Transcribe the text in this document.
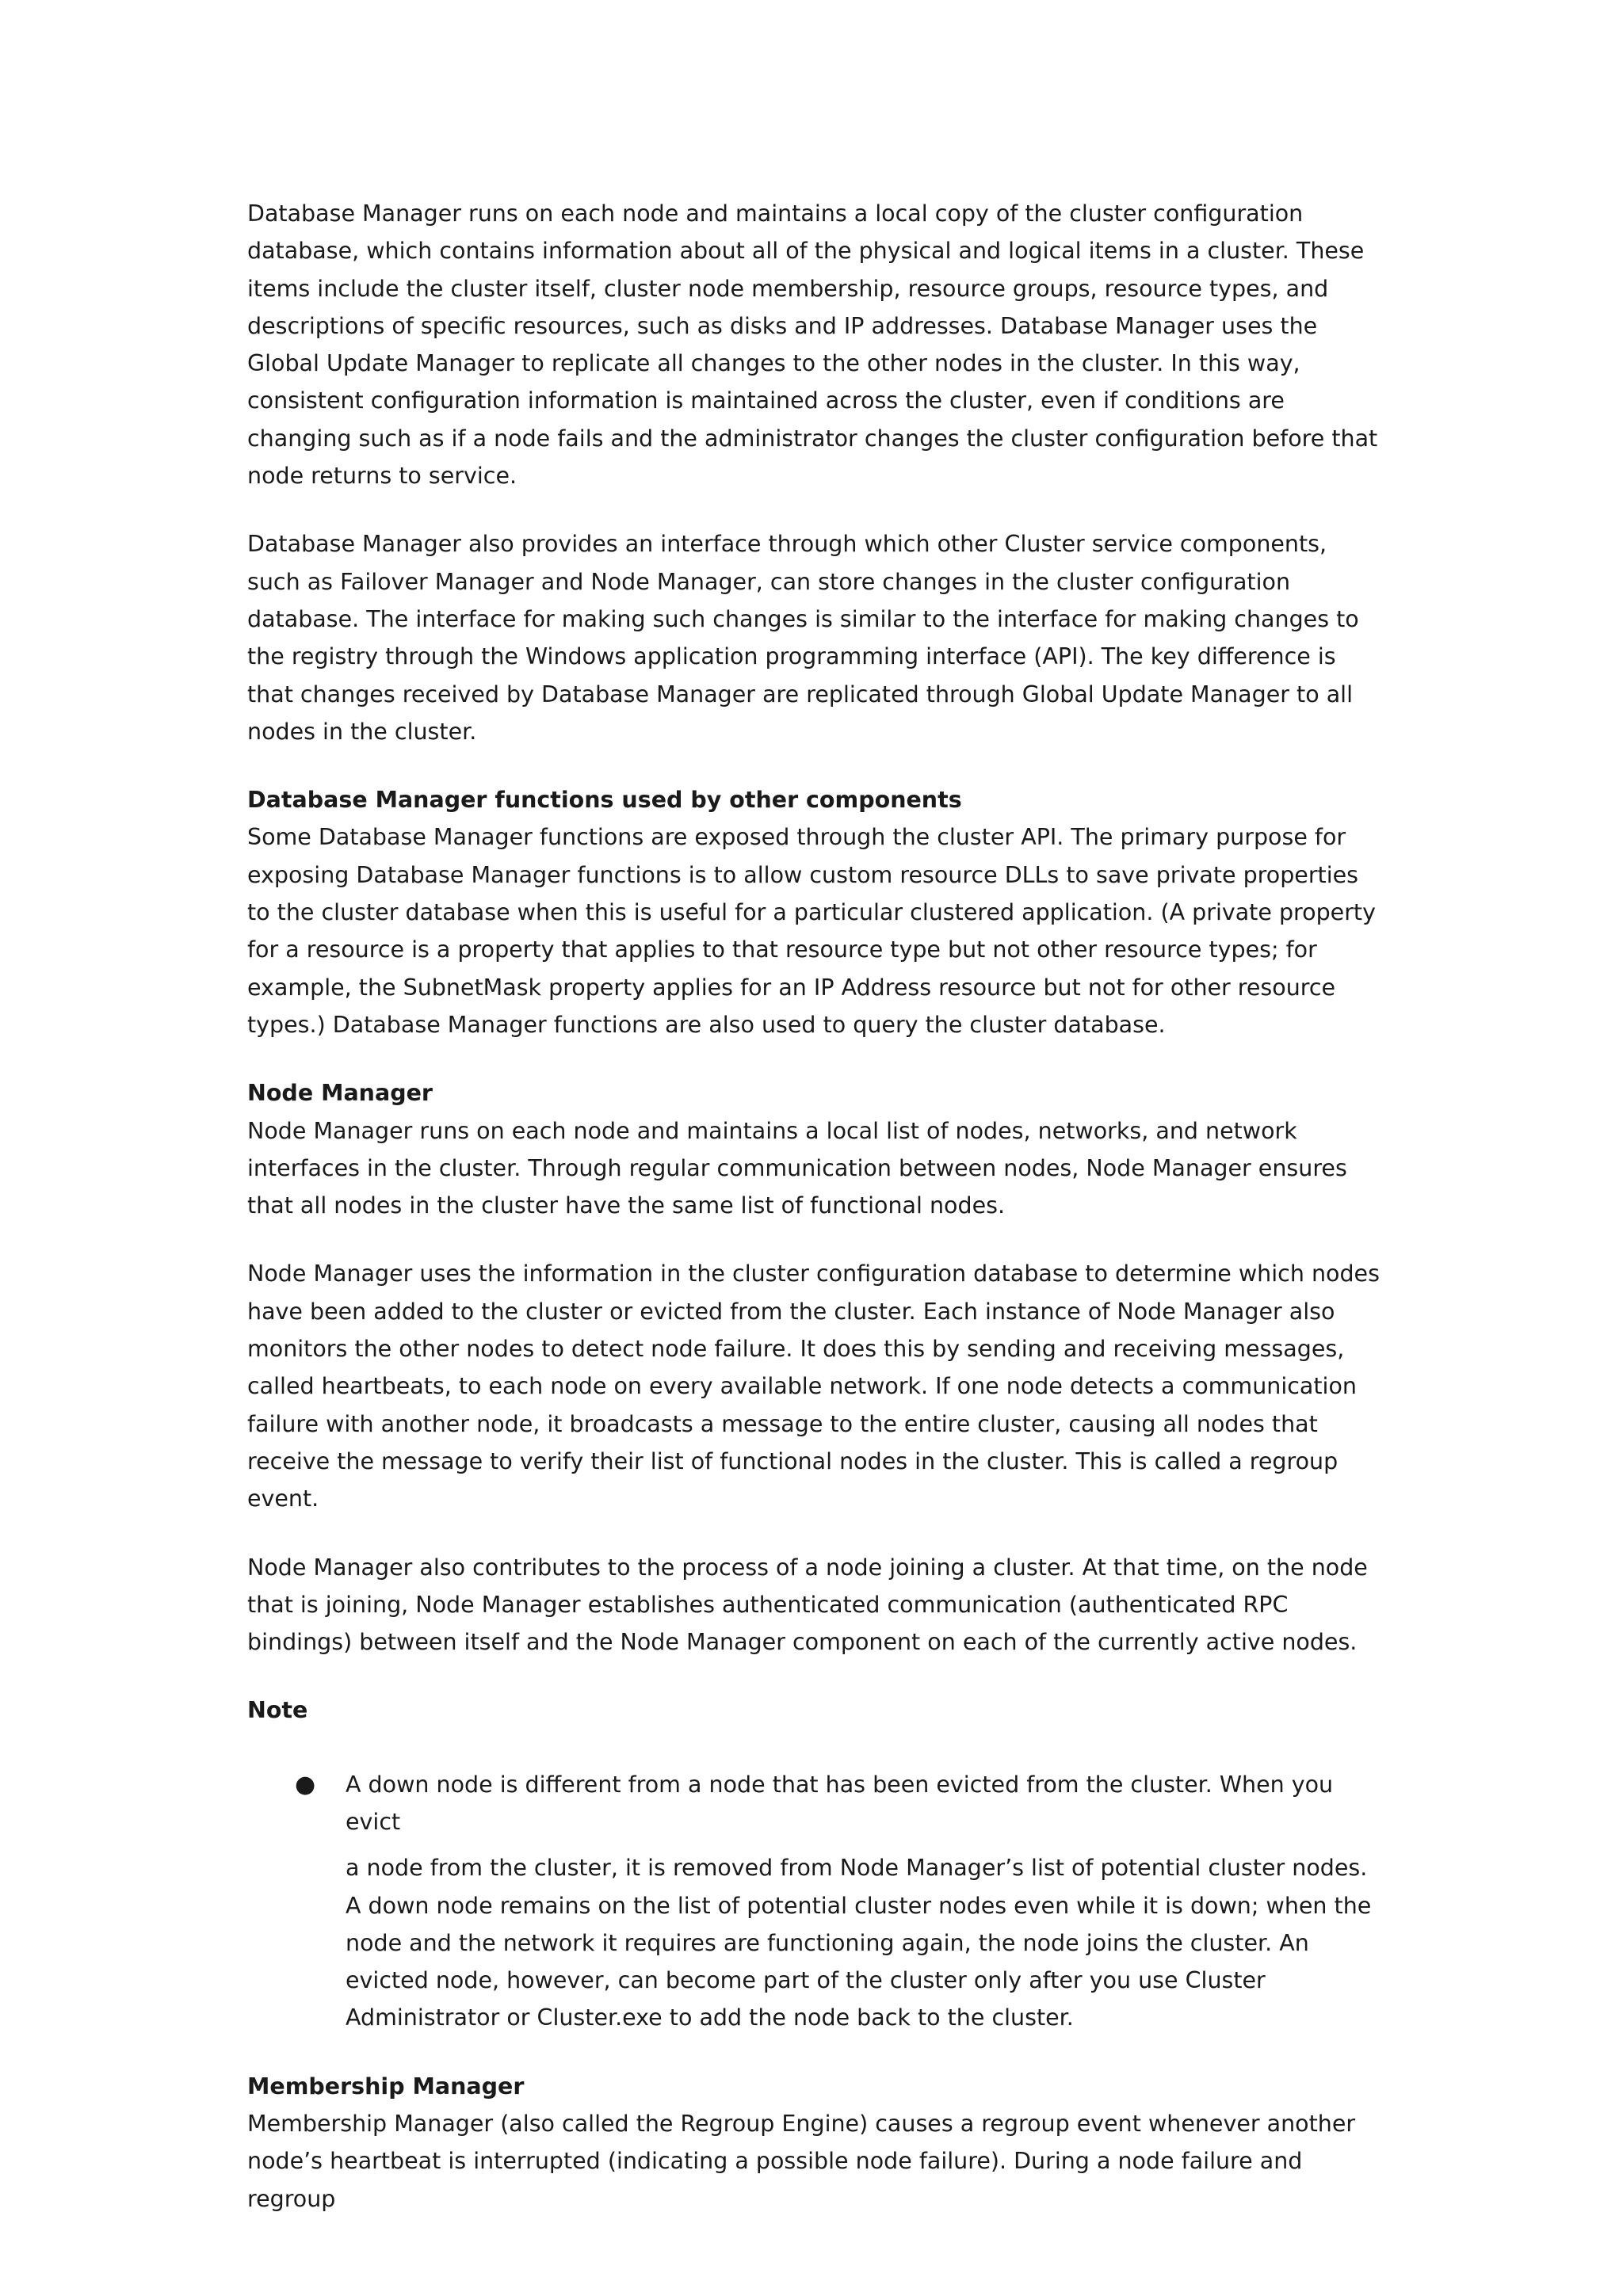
Database Manager runs on each node and maintains a local copy of the cluster configuration database, which contains information about all of the physical and logical items in a cluster. These items include the cluster itself, cluster node membership, resource groups, resource types, and descriptions of specific resources, such as disks and IP addresses. Database Manager uses the Global Update Manager to replicate all changes to the other nodes in the cluster. In this way, consistent configuration information is maintained across the cluster, even if conditions are changing such as if a node fails and the administrator changes the cluster configuration before that node returns to service.

Database Manager also provides an interface through which other Cluster service components, such as Failover Manager and Node Manager, can store changes in the cluster configuration database. The interface for making such changes is similar to the interface for making changes to the registry through the Windows application programming interface (API). The key difference is that changes received by Database Manager are replicated through Global Update Manager to all nodes in the cluster.

Database Manager functions used by other components
Some Database Manager functions are exposed through the cluster API. The primary purpose for exposing Database Manager functions is to allow custom resource DLLs to save private properties to the cluster database when this is useful for a particular clustered application. (A private property for a resource is a property that applies to that resource type but not other resource types; for example, the SubnetMask property applies for an IP Address resource but not for other resource types.) Database Manager functions are also used to query the cluster database.
Node Manager
Node Manager runs on each node and maintains a local list of nodes, networks, and network interfaces in the cluster. Through regular communication between nodes, Node Manager ensures that all nodes in the cluster have the same list of functional nodes.

Node Manager uses the information in the cluster configuration database to determine which nodes have been added to the cluster or evicted from the cluster. Each instance of Node Manager also monitors the other nodes to detect node failure. It does this by sending and receiving messages, called heartbeats, to each node on every available network. If one node detects a communication failure with another node, it broadcasts a message to the entire cluster, causing all nodes that receive the message to verify their list of functional nodes in the cluster. This is called a regroup event.

Node Manager also contributes to the process of a node joining a cluster. At that time, on the node that is joining, Node Manager establishes authenticated communication (authenticated RPC bindings) between itself and the Node Manager component on each of the currently active nodes.

Note
● A down node is different from a node that has been evicted from the cluster. When you evict
a node from the cluster, it is removed from Node Manager’s list of potential cluster nodes. A down node remains on the list of potential cluster nodes even while it is down; when the node and the network it requires are functioning again, the node joins the cluster. An evicted node, however, can become part of the cluster only after you use Cluster Administrator or Cluster.exe to add the node back to the cluster.
Membership Manager
Membership Manager (also called the Regroup Engine) causes a regroup event whenever another node’s heartbeat is interrupted (indicating a possible node failure). During a node failure and regroup
